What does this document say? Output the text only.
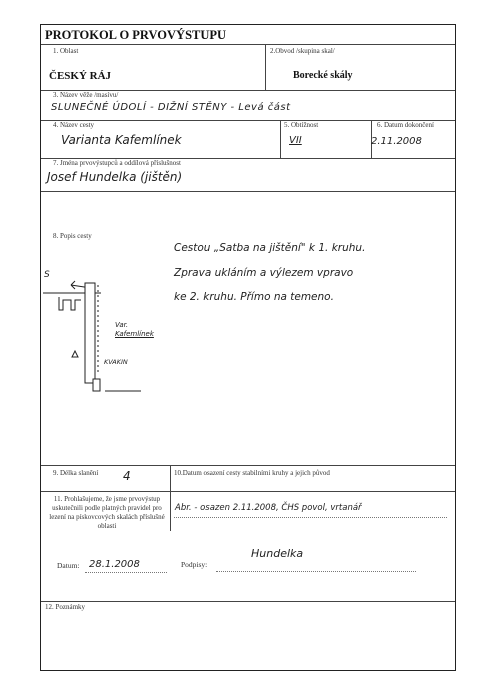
PROTOKOL O PRVOVÝSTUPU
1. Oblast
ČESKÝ RÁJ
2.Obvod /skupina skal/
Borecké skály
3. Název věže /masívu/
SLUNEČNÉ ÚDOLÍ - DIŽNÍ STĚNY - Levá část
4. Název cesty
Varianta Kafemlínek
5. Obtížnost
VII
6. Datum dokončení
2.11.2008
7. Jména prvovýstupců a oddílová příslušnost
Josef Hundelka (jištěn)
8. Popis cesty
Cestou „Satba na jištění" k 1. kruhu.
Zprava ukláním a výlezem vpravo
ke 2. kruhu. Přímo na temeno.
S
Var.
Kafemlínek
KVAKIN
9. Délka slanění 4	10.Datum osazení cesty stabilními kruhy a jejich původ
11. Prohlašujeme, že jsme prvovýstup uskutečnili podle platných pravidel pro lezení na pískovcových skalách příslušné oblasti
Abr. - osazen 2.11.2008, ČHS povol, vrtanář
Datum: 28.1.2008	Podpisy:
Hundelka
12. Poznámky
